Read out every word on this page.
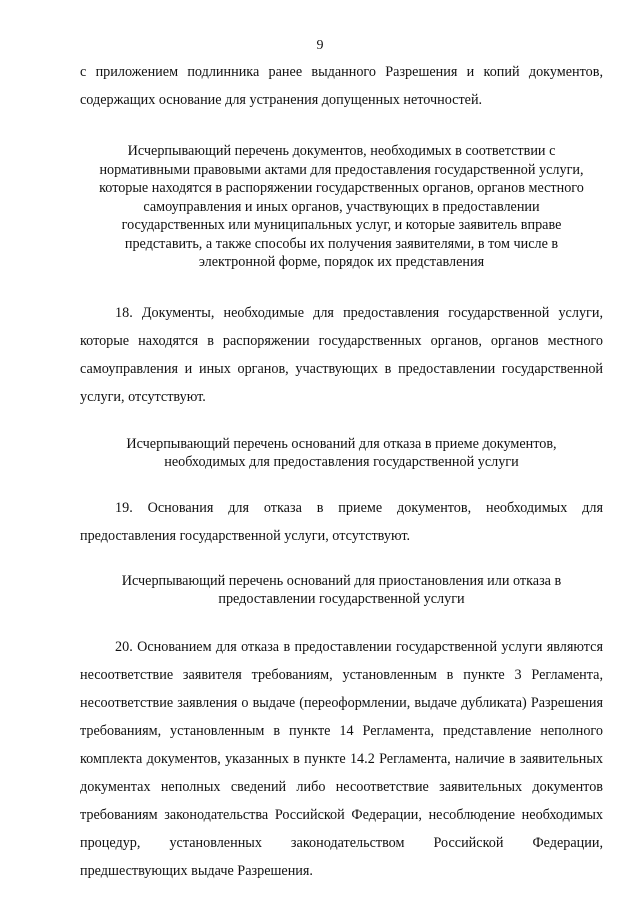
9

с приложением подлинника ранее выданного Разрешения и копий документов, содержащих основание для устранения допущенных неточностей.

Исчерпывающий перечень документов, необходимых в соответствии с нормативными правовыми актами для предоставления государственной услуги, которые находятся в распоряжении государственных органов, органов местного самоуправления и иных органов, участвующих в предоставлении государственных или муниципальных услуг, и которые заявитель вправе представить, а также способы их получения заявителями, в том числе в электронной форме, порядок их представления

18. Документы, необходимые для предоставления государственной услуги, которые находятся в распоряжении государственных органов, органов местного самоуправления и иных органов, участвующих в предоставлении государственной услуги, отсутствуют.

Исчерпывающий перечень оснований для отказа в приеме документов, необходимых для предоставления государственной услуги

19. Основания для отказа в приеме документов, необходимых для предоставления государственной услуги, отсутствуют.

Исчерпывающий перечень оснований для приостановления или отказа в предоставлении государственной услуги

20. Основанием для отказа в предоставлении государственной услуги являются несоответствие заявителя требованиям, установленным в пункте 3 Регламента, несоответствие заявления о выдаче (переоформлении, выдаче дубликата) Разрешения требованиям, установленным в пункте 14 Регламента, представление неполного комплекта документов, указанных в пункте 14.2 Регламента, наличие в заявительных документах неполных сведений либо несоответствие заявительных документов требованиям законодательства Российской Федерации, несоблюдение необходимых процедур, установленных законодательством Российской Федерации, предшествующих выдаче Разрешения.
